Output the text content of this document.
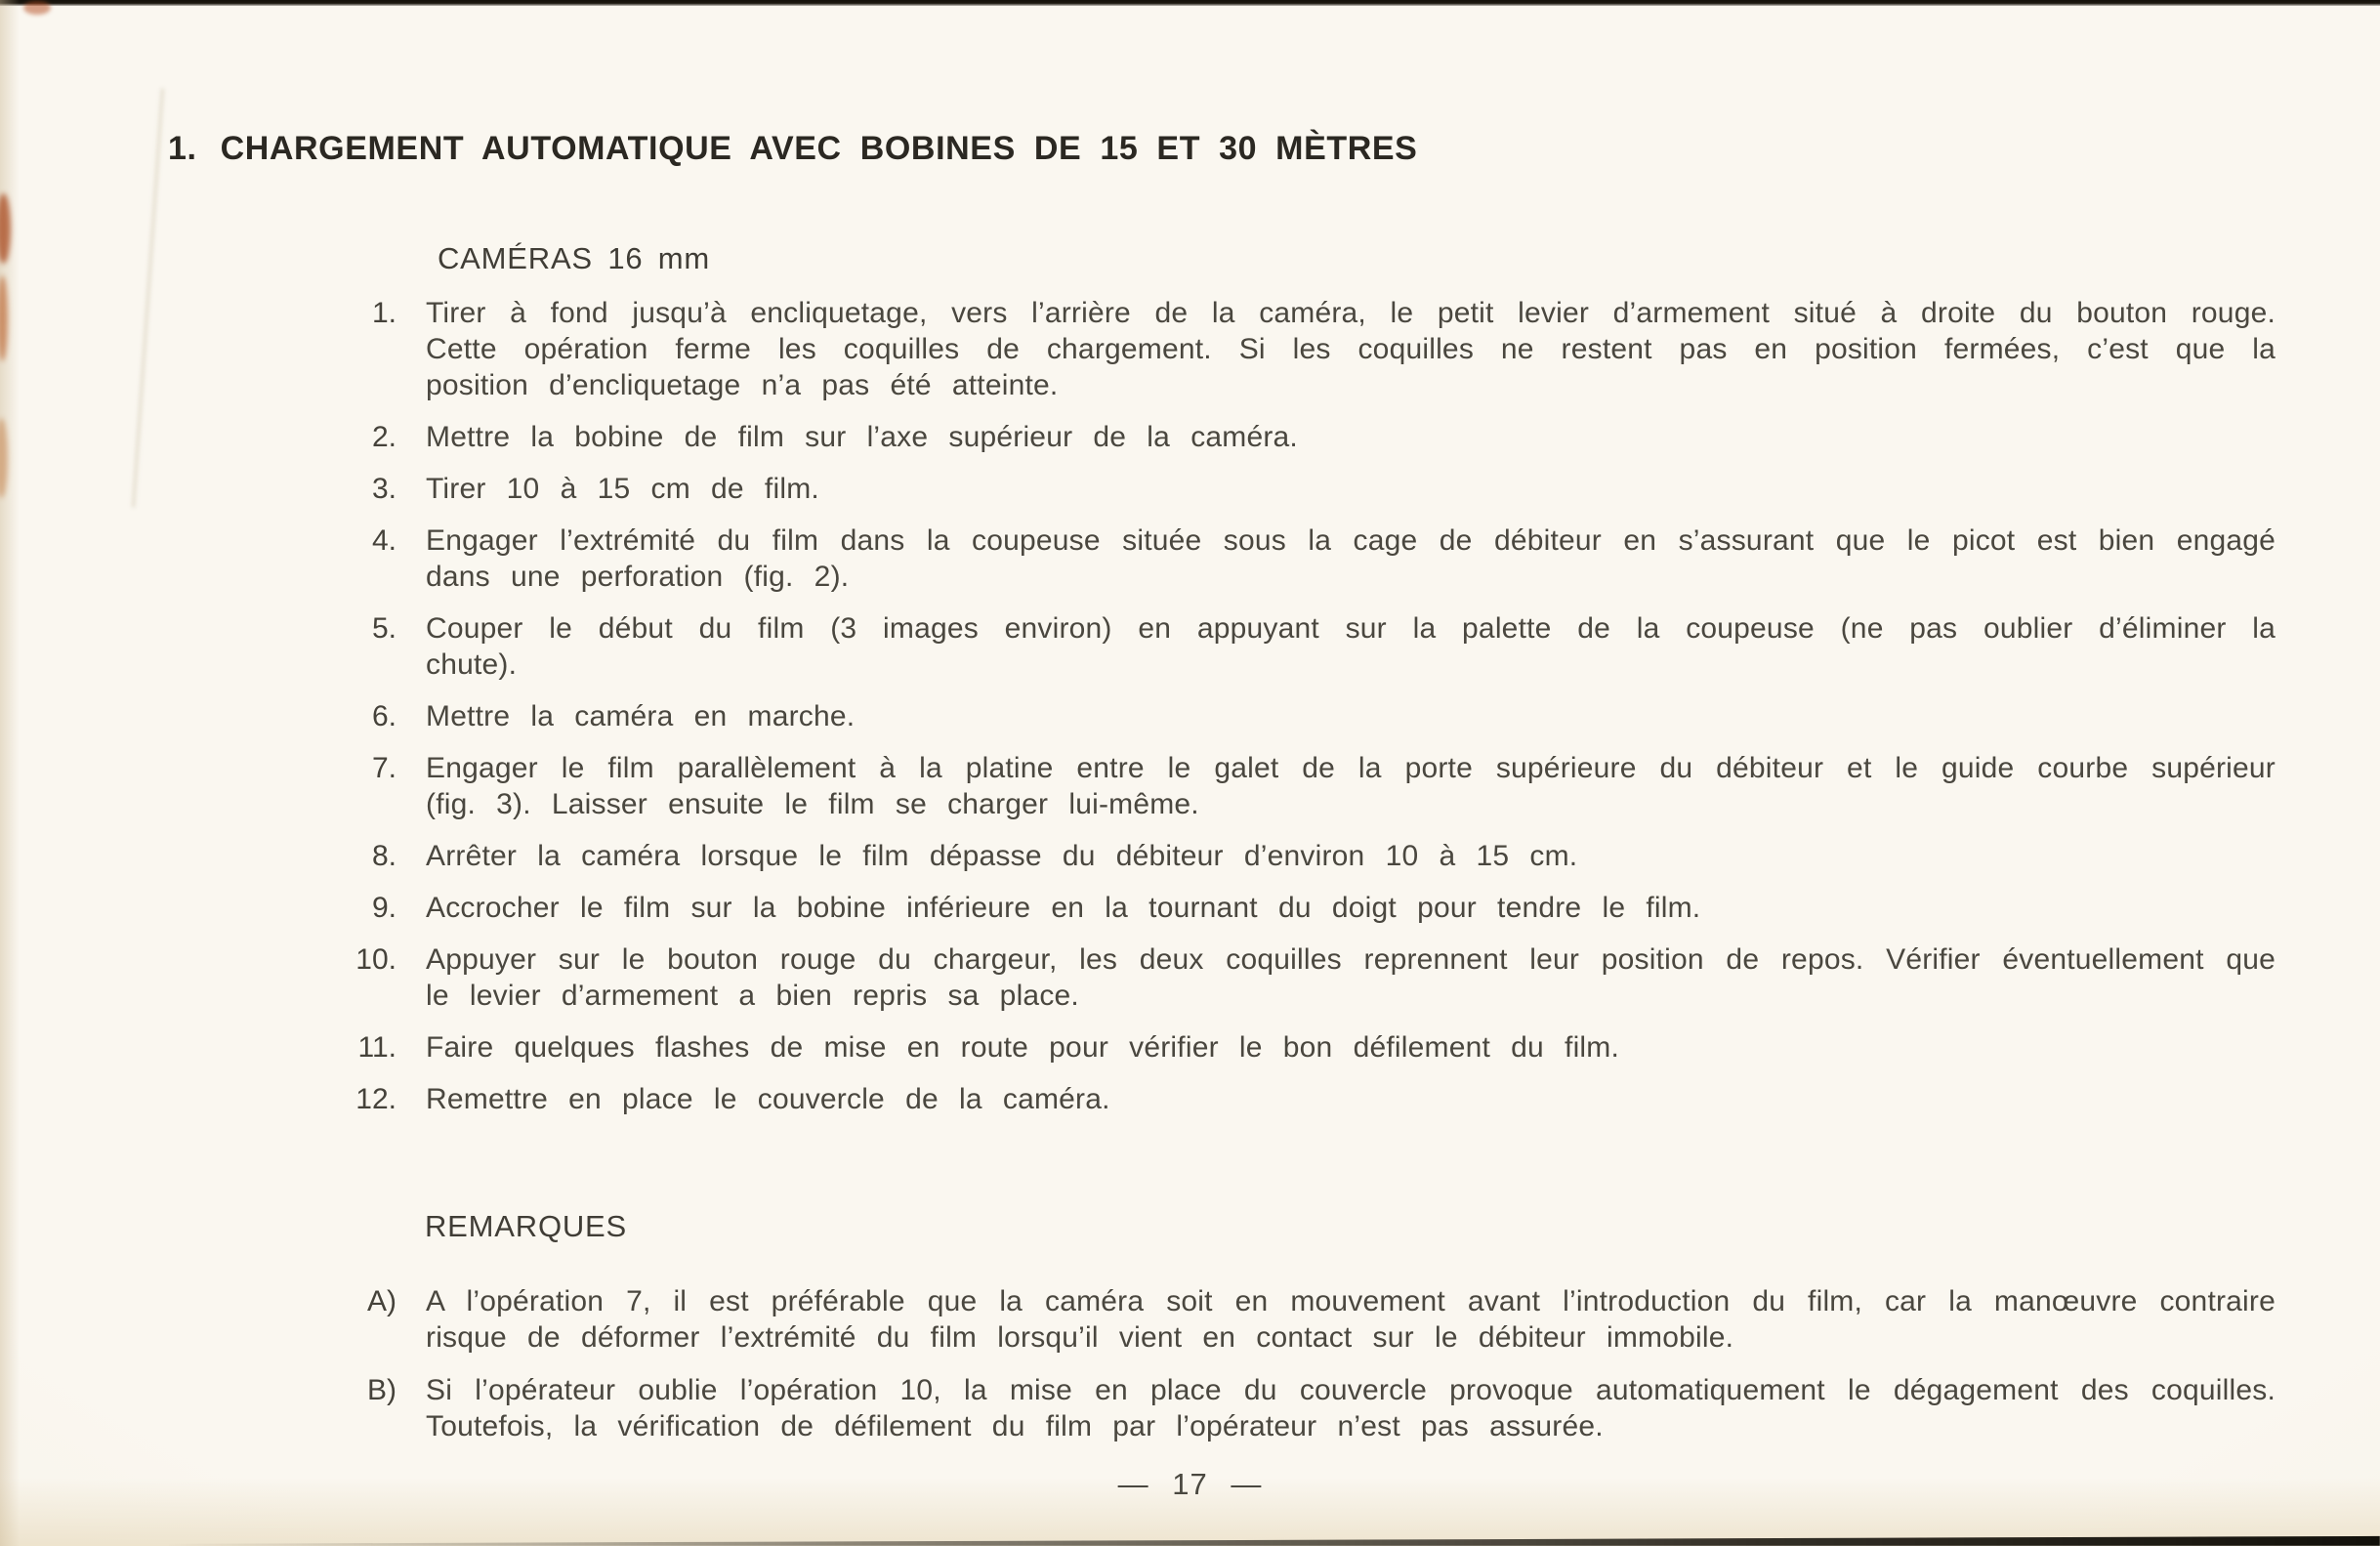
1. CHARGEMENT AUTOMATIQUE AVEC BOBINES DE 15 ET 30 MÈTRES
CAMÉRAS 16 mm
1. Tirer à fond jusqu’à encliquetage, vers l’arrière de la caméra, le petit levier d’armement situé à droite du bouton rouge. Cette opération ferme les coquilles de chargement. Si les coquilles ne restent pas en position fermées, c’est que la position d’encliquetage n’a pas été atteinte.
2. Mettre la bobine de film sur l’axe supérieur de la caméra.
3. Tirer 10 à 15 cm de film.
4. Engager l’extrémité du film dans la coupeuse située sous la cage de débiteur en s’assurant que le picot est bien engagé dans une perforation (fig. 2).
5. Couper le début du film (3 images environ) en appuyant sur la palette de la coupeuse (ne pas oublier d’éliminer la chute).
6. Mettre la caméra en marche.
7. Engager le film parallèlement à la platine entre le galet de la porte supérieure du débiteur et le guide courbe supérieur (fig. 3). Laisser ensuite le film se charger lui-même.
8. Arrêter la caméra lorsque le film dépasse du débiteur d’environ 10 à 15 cm.
9. Accrocher le film sur la bobine inférieure en la tournant du doigt pour tendre le film.
10. Appuyer sur le bouton rouge du chargeur, les deux coquilles reprennent leur position de repos. Vérifier éventuellement que le levier d’armement a bien repris sa place.
11. Faire quelques flashes de mise en route pour vérifier le bon défilement du film.
12. Remettre en place le couvercle de la caméra.
REMARQUES
A) A l’opération 7, il est préférable que la caméra soit en mouvement avant l’introduction du film, car la manœuvre contraire risque de déformer l’extrémité du film lorsqu’il vient en contact sur le débiteur immobile.
B) Si l’opérateur oublie l’opération 10, la mise en place du couvercle provoque automatiquement le dégagement des coquilles. Toutefois, la vérification de défilement du film par l’opérateur n’est pas assurée.
— 17 —
